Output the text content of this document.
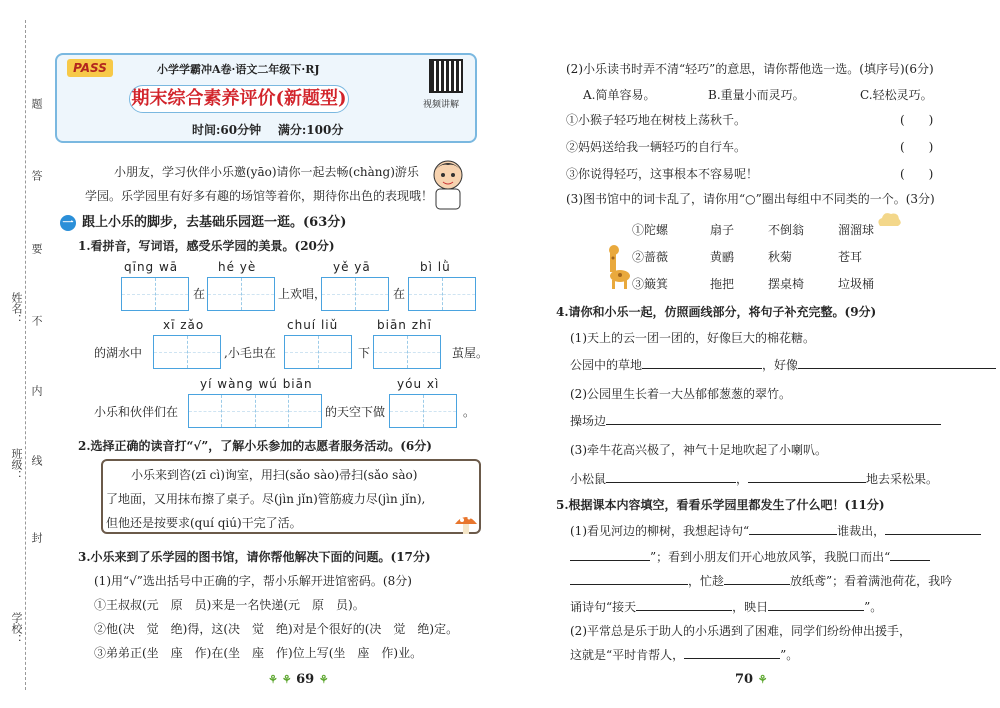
学校：
封
班级： 线
内
不
要
答
题
姓名：
PASS	小学学霸冲A卷·语文二年级下·RJ
期末综合素养评价(新题型)
时间:60分钟 满分:100分
视频讲解
小朋友，学习伙伴小乐邀(yāo)请你一起去畅(chàng)游乐
学园。乐学园里有好多有趣的场馆等着你，期待你出色的表现哦！
一 跟上小乐的脚步，去基础乐园逛一逛。(63分)
1.看拼音，写词语，感受乐学园的美景。(20分)
qīng wā	hé yè	yě yā	bì lǜ
在	上欢唱，	在
xī zǎo	chuí liǔ	biān zhī
的湖水中	,小毛虫在	下	茧屋。
yí wàng wú biān	yóu xì
小乐和伙伴们在	的天空下做	。
2.选择正确的读音打“√”，了解小乐参加的志愿者服务活动。(6分)
小乐来到咨(zī cì)询室，用扫(sǎo sào)帚扫(sǎo sào)
了地面，又用抹布擦了桌子。尽(jìn jǐn)管筋疲力尽(jìn jǐn),
但他还是按要求(quí qiú)干完了活。
3.小乐来到了乐学园的图书馆，请你帮他解决下面的问题。(17分)
(1)用“√”选出括号中正确的字，帮小乐解开进馆密码。(8分)
①王叔叔(元　原　员)来是一名快递(元　原　员)。
②他(决　觉　绝)得，这(决　觉　绝)对是个很好的(决　觉　绝)定。
③弟弟正(坐　座　作)在(坐　座　作)位上写(坐　座　作)业。
⚘ ⚘ 69 ⚘
(2)小乐读书时弄不清“轻巧”的意思，请你帮他选一选。(填序号)(6分)
A.简单容易。	B.重量小而灵巧。	C.轻松灵巧。
①小猴子轻巧地在树枝上荡秋千。	(　　)
②妈妈送给我一辆轻巧的自行车。	(　　)
③你说得轻巧，这事根本不容易呢！	(　　)
(3)图书馆中的词卡乱了，请你用“○”圈出每组中不同类的一个。(3分)
①陀螺	扇子	不倒翁	溜溜球
②蔷薇	黄鹂	秋菊	苍耳
③簸箕	拖把	摆桌椅	垃圾桶
4.请你和小乐一起，仿照画线部分，将句子补充完整。(9分)
(1)天上的云一团一团的，好像巨大的棉花糖。
公园中的草地	，好像
(2)公园里生长着一大丛郁郁葱葱的翠竹。
操场边
(3)牵牛花高兴极了，神气十足地吹起了小喇叭。
小松鼠	，	地去采松果。
5.根据课本内容填空，看看乐学园里都发生了什么吧！(11分)
(1)看见河边的柳树，我想起诗句“	谁裁出，
”；看到小朋友们开心地放风筝，我脱口而出“
，忙趁	放纸鸢”；看着满池荷花，我吟
诵诗句“接天	，映日	”。
(2)平常总是乐于助人的小乐遇到了困难，同学们纷纷伸出援手，
这就是“平时肯帮人，	”。
70 ⚘
